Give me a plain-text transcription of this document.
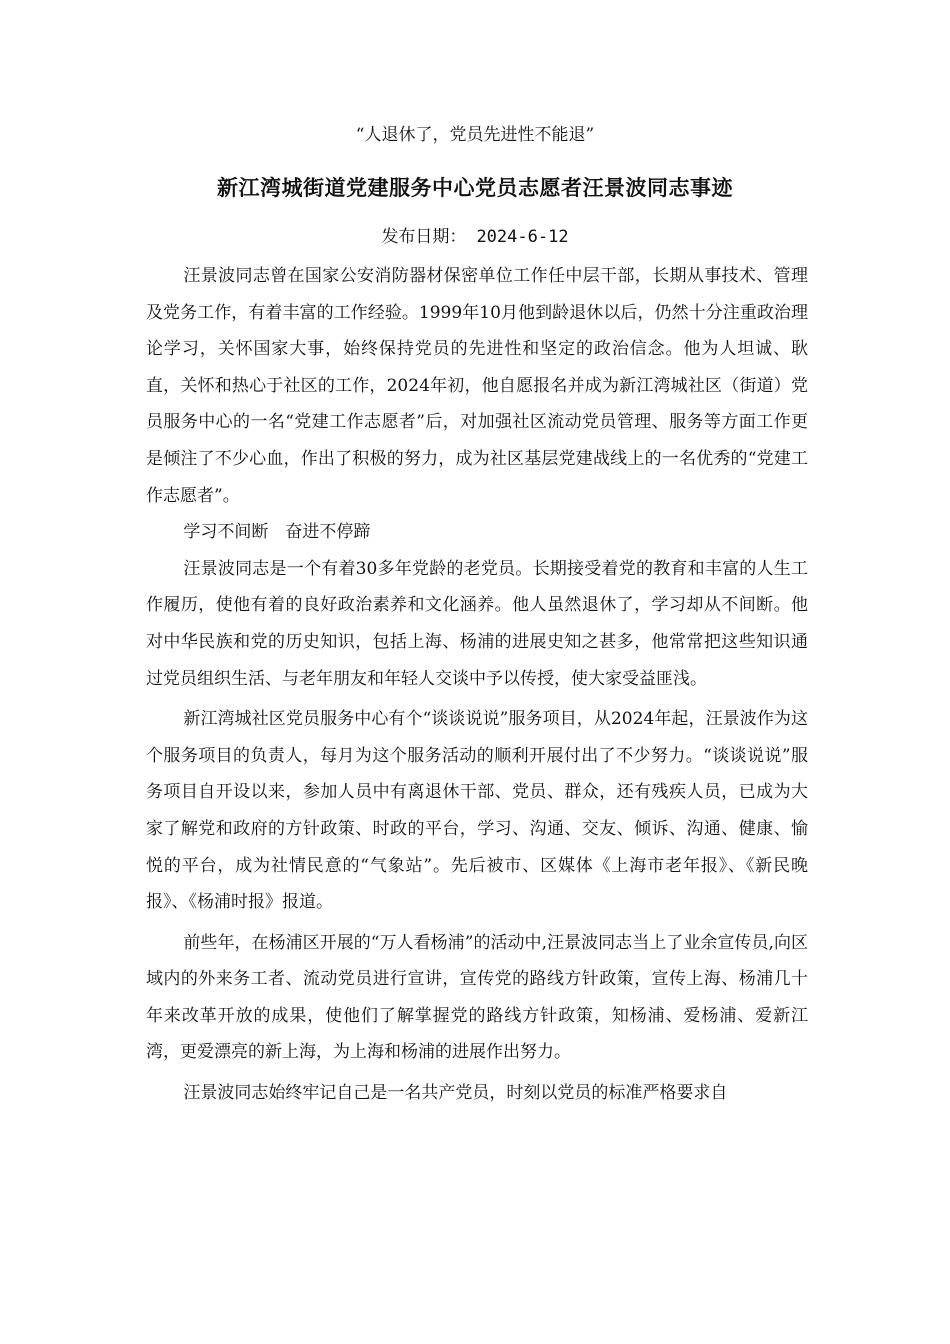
“人退休了，党员先进性不能退”
新江湾城街道党建服务中心党员志愿者汪景波同志事迹
发布日期： 2024-6-12

汪景波同志曾在国家公安消防器材保密单位工作任中层干部，长期从事技术、管理及党务工作，有着丰富的工作经验。1999年10月他到龄退休以后，仍然十分注重政治理论学习，关怀国家大事，始终保持党员的先进性和坚定的政治信念。他为人坦诚、耿直，关怀和热心于社区的工作，2024年初，他自愿报名并成为新江湾城社区（街道）党员服务中心的一名“党建工作志愿者”后，对加强社区流动党员管理、服务等方面工作更是倾注了不少心血，作出了积极的努力，成为社区基层党建战线上的一名优秀的“党建工作志愿者”。

学习不间断　奋进不停蹄

汪景波同志是一个有着30多年党龄的老党员。长期接受着党的教育和丰富的人生工作履历，使他有着的良好政治素养和文化涵养。他人虽然退休了，学习却从不间断。他对中华民族和党的历史知识，包括上海、杨浦的进展史知之甚多，他常常把这些知识通过党员组织生活、与老年朋友和年轻人交谈中予以传授，使大家受益匪浅。

新江湾城社区党员服务中心有个“谈谈说说”服务项目，从2024年起，汪景波作为这个服务项目的负责人，每月为这个服务活动的顺利开展付出了不少努力。“谈谈说说”服务项目自开设以来，参加人员中有离退休干部、党员、群众，还有残疾人员，已成为大家了解党和政府的方针政策、时政的平台，学习、沟通、交友、倾诉、沟通、健康、愉悦的平台，成为社情民意的“气象站”。先后被市、区媒体《上海市老年报》、《新民晚报》、《杨浦时报》报道。

前些年，在杨浦区开展的“万人看杨浦”的活动中,汪景波同志当上了业余宣传员,向区域内的外来务工者、流动党员进行宣讲，宣传党的路线方针政策，宣传上海、杨浦几十年来改革开放的成果，使他们了解掌握党的路线方针政策，知杨浦、爱杨浦、爱新江湾，更爱漂亮的新上海，为上海和杨浦的进展作出努力。

汪景波同志始终牢记自己是一名共产党员，时刻以党员的标准严格要求自
